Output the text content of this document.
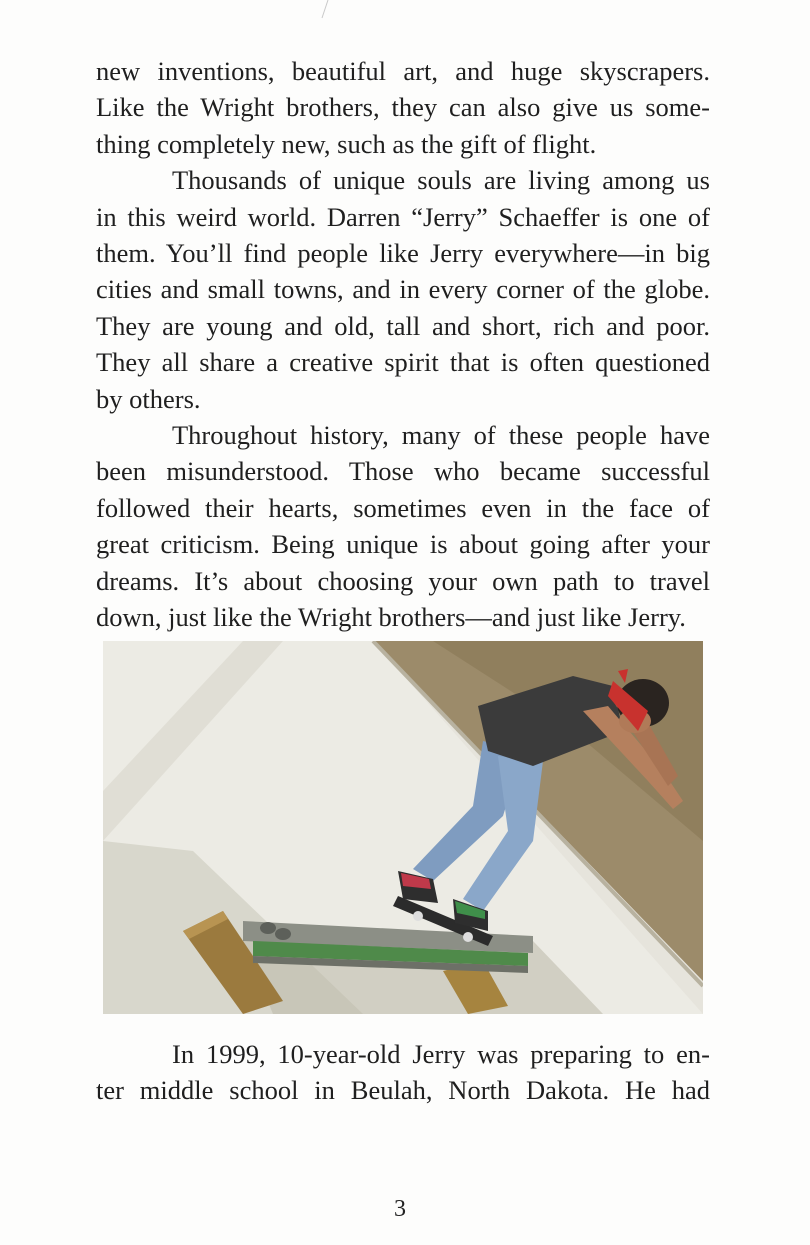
new inventions, beautiful art, and huge skyscrapers.
Like the Wright brothers, they can also give us some-
thing completely new, such as the gift of flight.

Thousands of unique souls are living among us
in this weird world. Darren “Jerry” Schaeffer is one of
them. You’ll find people like Jerry everywhere—in big
cities and small towns, and in every corner of the globe.
They are young and old, tall and short, rich and poor.
They all share a creative spirit that is often questioned
by others.

Throughout history, many of these people have
been misunderstood. Those who became successful
followed their hearts, sometimes even in the face of
great criticism. Being unique is about going after your
dreams. It’s about choosing your own path to travel
down, just like the Wright brothers—and just like Jerry.

In 1999, 10-year-old Jerry was preparing to en-
ter middle school in Beulah, North Dakota. He had

3
